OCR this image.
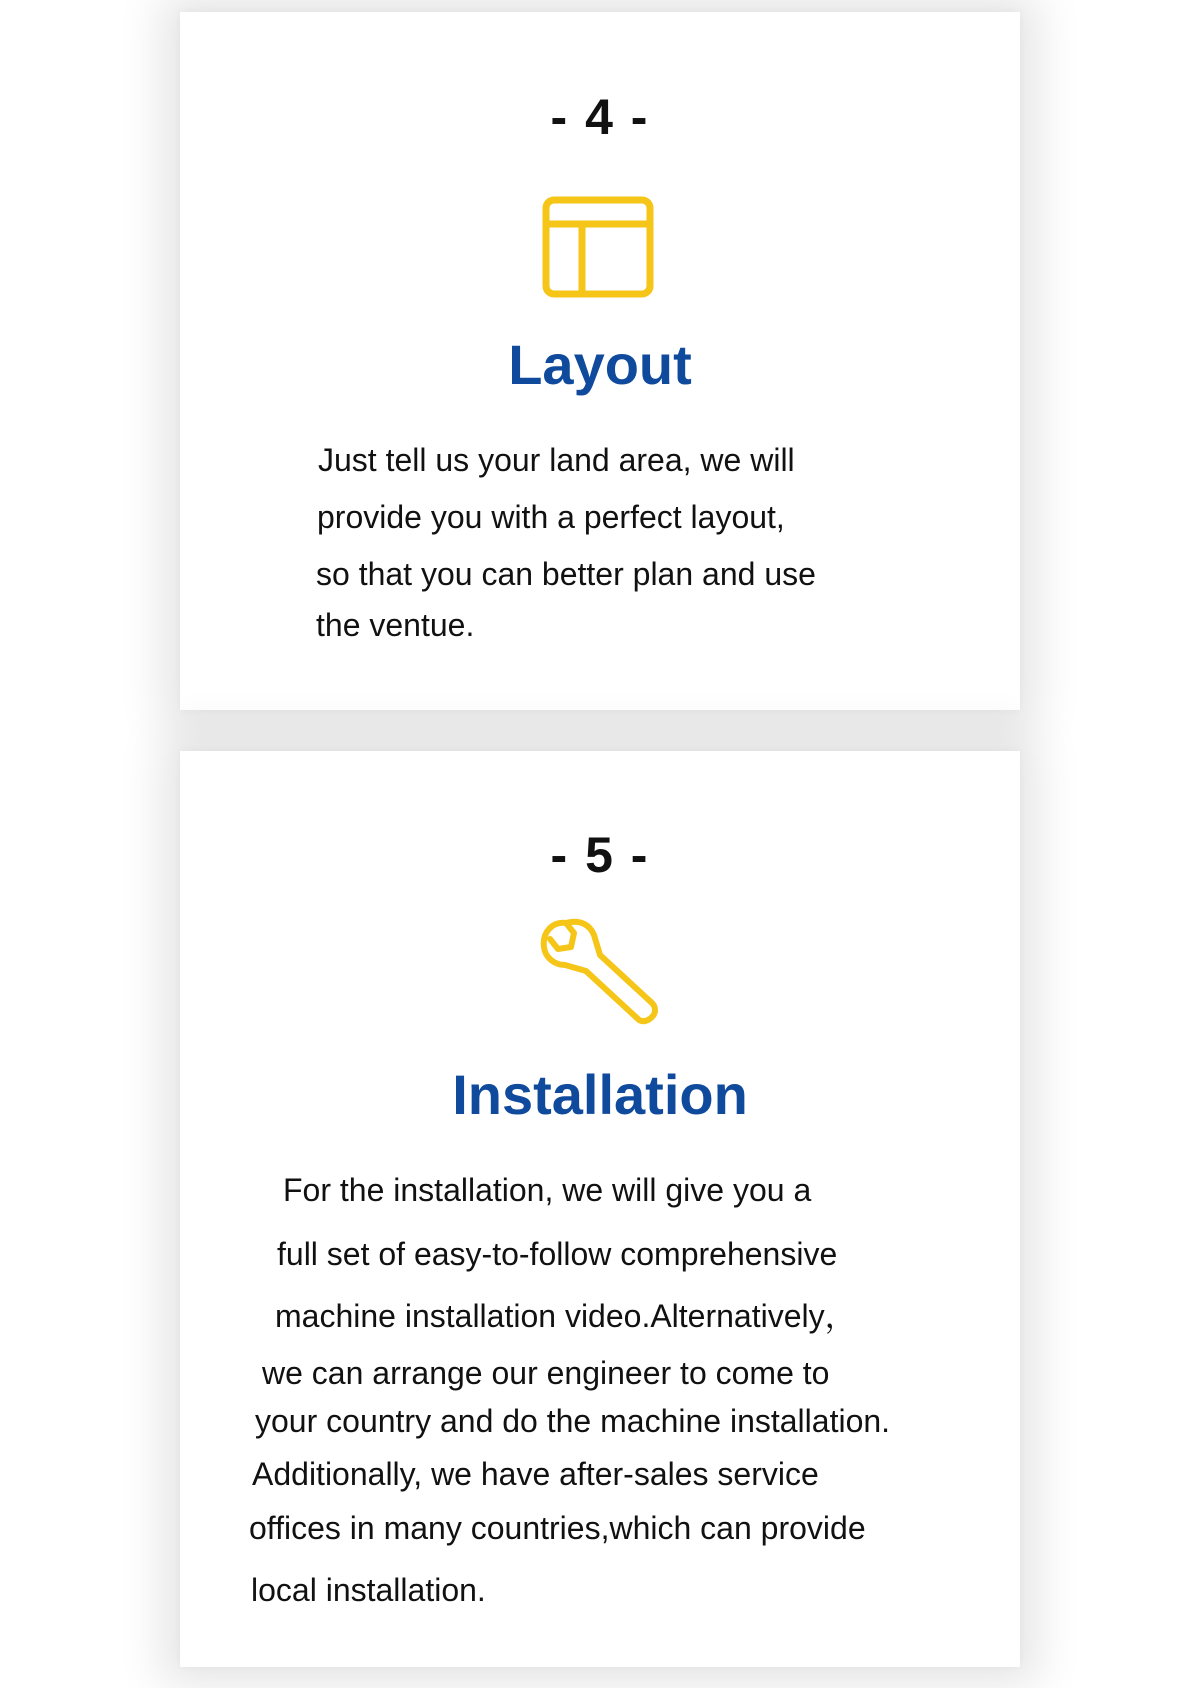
- 4 -
Layout
Just tell us your land area, we will
provide you with a perfect layout,
so that you can better plan and use
the ventue.
- 5 -
Installation
For the installation, we will give you a
full set of easy-to-follow comprehensive
machine installation video.Alternatively，
we can arrange our engineer to come to
your country and do the machine installation.
Additionally, we have after-sales service
offices in many countries,which can provide
local installation.
